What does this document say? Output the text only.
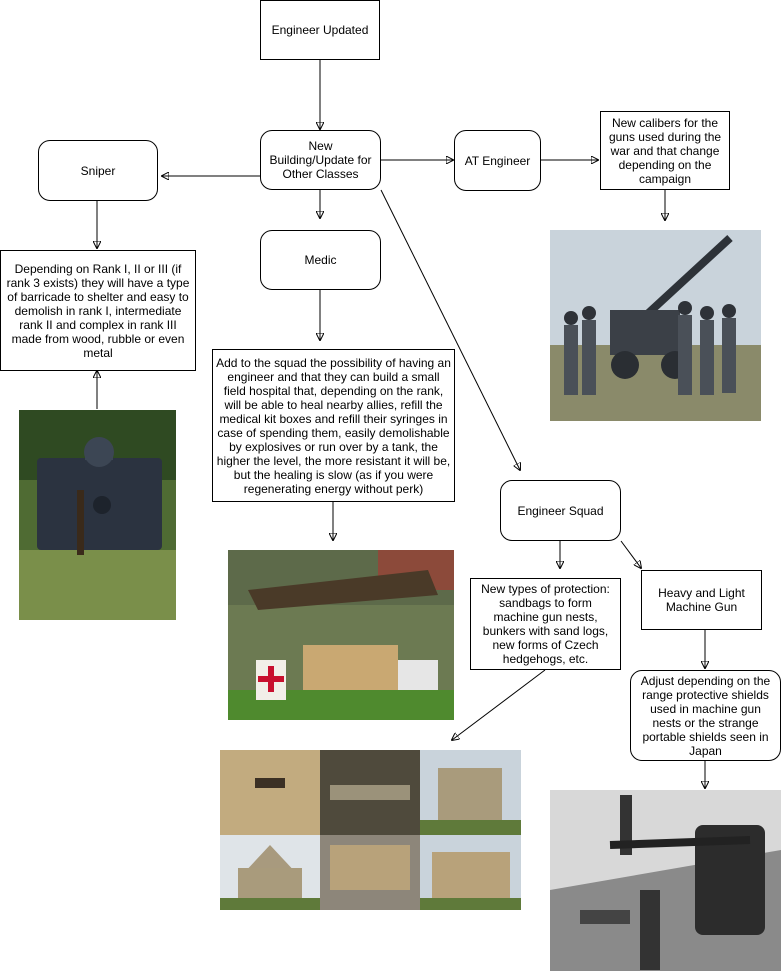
Engineer Updated
New Building/Update for Other Classes
Sniper
Depending on Rank I, II or III (if rank 3 exists) they will have a type of barricade to shelter and easy to demolish in rank I, intermediate rank II and complex in rank III made from wood, rubble or even metal
Medic
Add to the squad the possibility of having an engineer and that they can build a small field hospital that, depending on the rank, will be able to heal nearby allies, refill the medical kit boxes and refill their syringes in case of spending them, easily demolishable by explosives or run over by a tank, the higher the level, the more resistant it will be, but the healing is slow (as if you were regenerating energy without perk)
AT Engineer
New calibers for the guns used during the war and that change depending on the campaign
Engineer Squad
New types of protection: sandbags to form machine gun nests, bunkers with sand logs, new forms of Czech hedgehogs, etc.
Heavy and Light Machine Gun
Adjust depending on the range protective shields used in machine gun nests or the strange portable shields seen in Japan
